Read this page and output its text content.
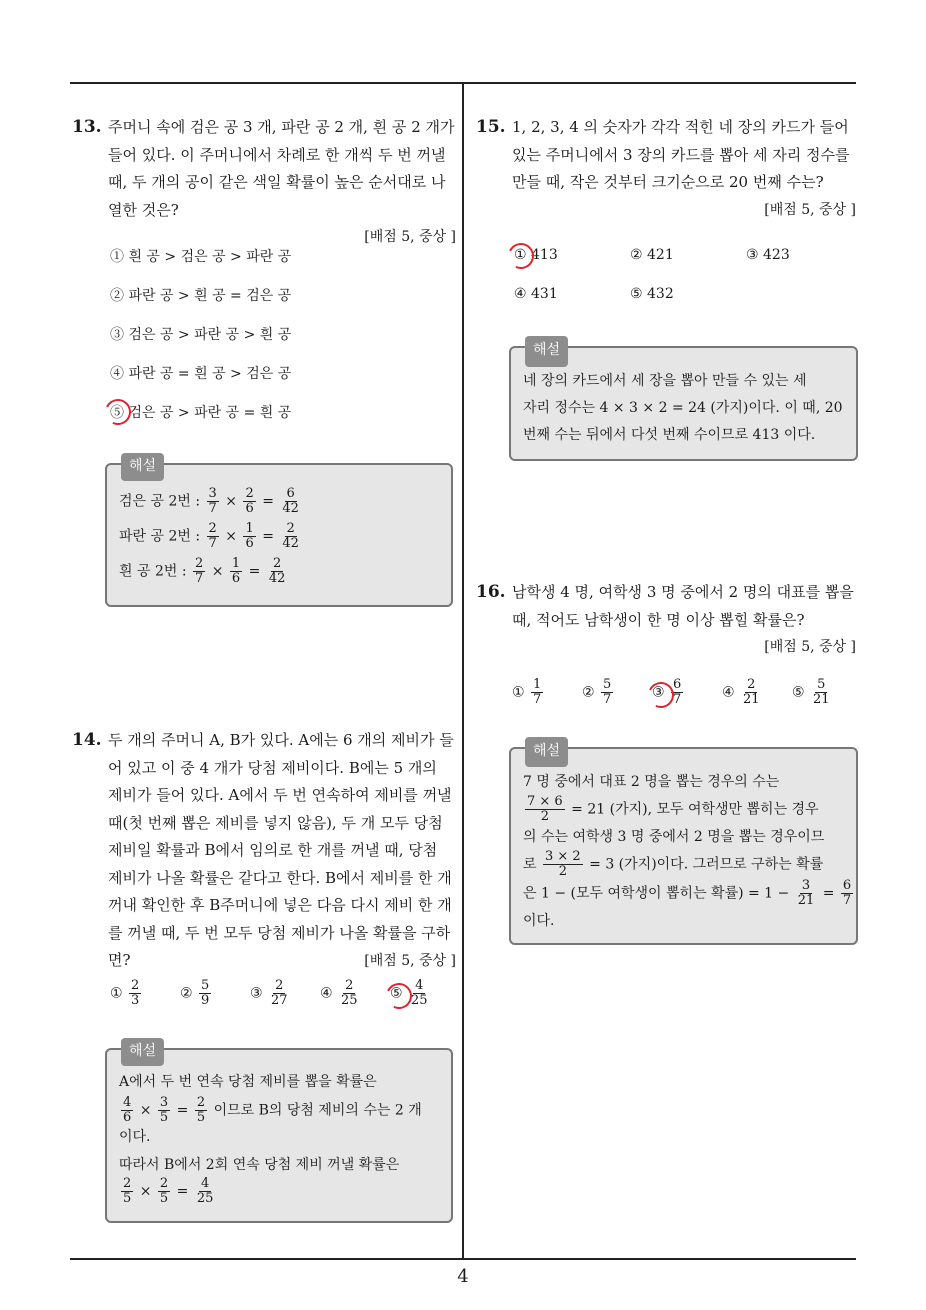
4
13. 주머니 속에 검은 공 3 개, 파란 공 2 개, 흰 공 2 개가 들어 있다. 이 주머니에서 차례로 한 개씩 두 번 꺼낼 때, 두 개의 공이 같은 색일 확률이 높은 순서대로 나열한 것은?
[배점 5, 중상 ]
① 흰 공 > 검은 공 > 파란 공
② 파란 공 > 흰 공 = 검은 공
③ 검은 공 > 파란 공 > 흰 공
④ 파란 공 = 흰 공 > 검은 공
⑤ 검은 공 > 파란 공 = 흰 공
해설
검은 공 2번 : $\frac{3}{7} \times \frac{2}{6} = \frac{6}{42}$
파란 공 2번 : $\frac{2}{7} \times \frac{1}{6} = \frac{2}{42}$
흰 공 2번 : $\frac{2}{7} \times \frac{1}{6} = \frac{2}{42}$
14. 두 개의 주머니 A, B가 있다. A에는 6 개의 제비가 들어 있고 이 중 4 개가 당첨 제비이다. B에는 5 개의 제비가 들어 있다. A에서 두 번 연속하여 제비를 꺼낼 때(첫 번째 뽑은 제비를 넣지 않음), 두 개 모두 당첨 제비일 확률과 B에서 임의로 한 개를 꺼낼 때, 당첨 제비가 나올 확률은 같다고 한다. B에서 제비를 한 개 꺼내 확인한 후 B주머니에 넣은 다음 다시 제비 한 개를 꺼낼 때, 두 번 모두 당첨 제비가 나올 확률을 구하면?	[배점 5, 중상 ]
① $\frac{2}{3}$	② $\frac{5}{9}$	③ $\frac{2}{27}$ ④ $\frac{2}{25}$ ⑤ $\frac{4}{25}$
해설
A에서 두 번 연속 당첨 제비를 뽑을 확률은
$\frac{4}{6} \times \frac{3}{5} = \frac{2}{5}$ 이므로 B의 당첨 제비의 수는 2 개
이다.
따라서 B에서 2회 연속 당첨 제비 꺼낼 확률은
$\frac{2}{5} \times \frac{2}{5} = \frac{4}{25}$
15. 1, 2, 3, 4 의 숫자가 각각 적힌 네 장의 카드가 들어 있는 주머니에서 3 장의 카드를 뽑아 세 자리 정수를 만들 때, 작은 것부터 크기순으로 20 번째 수는?
[배점 5, 중상 ]
① 413	② 421	③ 423
④ 431	⑤ 432
해설
네 장의 카드에서 세 장을 뽑아 만들 수 있는 세
자리 정수는 4 × 3 × 2 = 24 (가지)이다. 이 때, 20
번째 수는 뒤에서 다섯 번째 수이므로 413 이다.
16. 남학생 4 명, 여학생 3 명 중에서 2 명의 대표를 뽑을 때, 적어도 남학생이 한 명 이상 뽑힐 확률은?
[배점 5, 중상 ]
① $\frac{1}{7}$	② $\frac{5}{7}$	③ $\frac{6}{7}$	④ $\frac{2}{21}$ ⑤ $\frac{5}{21}$
해설
7 명 중에서 대표 2 명을 뽑는 경우의 수는
$\frac{7 \times 6}{2} = 21$ (가지), 모두 여학생만 뽑히는 경우
의 수는 여학생 3 명 중에서 2 명을 뽑는 경우이므
로 $\frac{3 \times 2}{2} = 3$ (가지)이다. 그러므로 구하는 확률
은 1 − (모두 여학생이 뽑히는 확률) = $1 - \frac{3}{21} = \frac{6}{7}$
이다.
